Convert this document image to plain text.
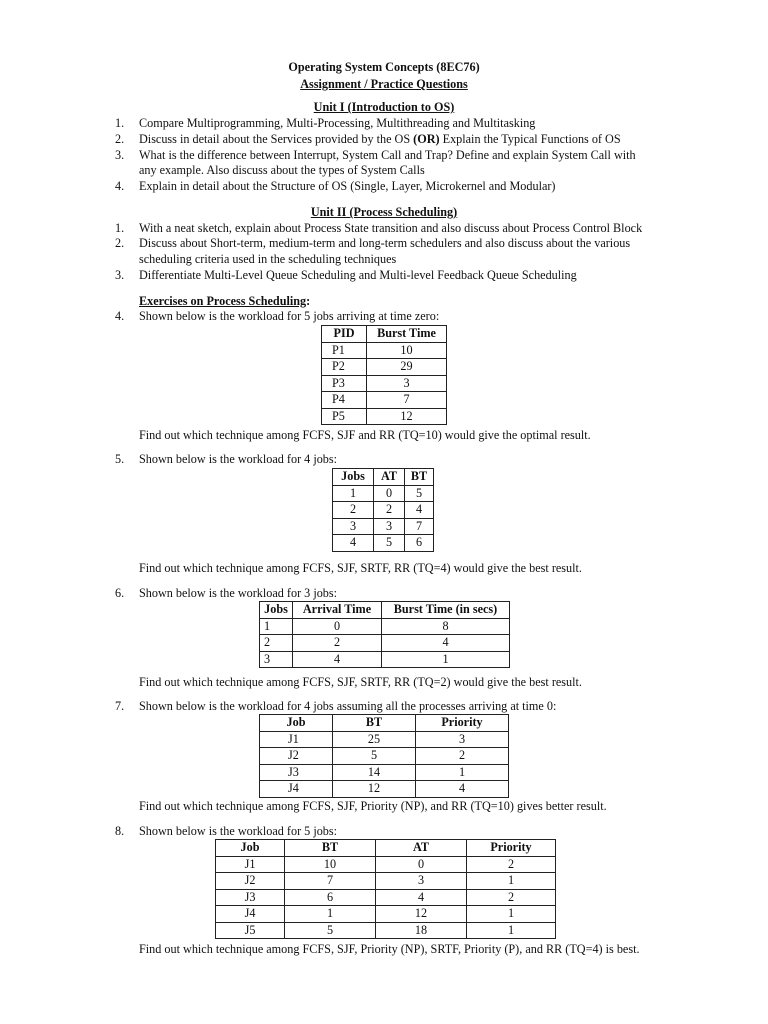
Operating System Concepts (8EC76)
Assignment / Practice Questions
Unit I (Introduction to OS)
1.	Compare Multiprogramming, Multi-Processing, Multithreading and Multitasking
2.	Discuss in detail about the Services provided by the OS (OR) Explain the Typical Functions of OS
3.	What is the difference between Interrupt, System Call and Trap? Define and explain System Call with
any example. Also discuss about the types of System Calls
4.	Explain in detail about the Structure of OS (Single, Layer, Microkernel and Modular)
Unit II (Process Scheduling)
1.	With a neat sketch, explain about Process State transition and also discuss about Process Control Block
2.	Discuss about Short-term, medium-term and long-term schedulers and also discuss about the various
scheduling criteria used in the scheduling techniques
3.	Differentiate Multi-Level Queue Scheduling and Multi-level Feedback Queue Scheduling
Exercises on Process Scheduling:
4.	Shown below is the workload for 5 jobs arriving at time zero:
PID	Burst Time
P1	10
P2	29
P3	3
P4	7
P5	12
Find out which technique among FCFS, SJF and RR (TQ=10) would give the optimal result.
5.	Shown below is the workload for 4 jobs:
Jobs	AT	BT
1	0	5
2	2	4
3	3	7
4	5	6
Find out which technique among FCFS, SJF, SRTF, RR (TQ=4) would give the best result.
6.	Shown below is the workload for 3 jobs:
Jobs	Arrival Time	Burst Time (in secs)
1	0	8
2	2	4
3	4	1
Find out which technique among FCFS, SJF, SRTF, RR (TQ=2) would give the best result.
7.	Shown below is the workload for 4 jobs assuming all the processes arriving at time 0:
Job	BT	Priority
J1	25	3
J2	5	2
J3	14	1
J4	12	4
Find out which technique among FCFS, SJF, Priority (NP), and RR (TQ=10) gives better result.
8.	Shown below is the workload for 5 jobs:
Job	BT	AT	Priority
J1	10	0	2
J2	7	3	1
J3	6	4	2
J4	1	12	1
J5	5	18	1
Find out which technique among FCFS, SJF, Priority (NP), SRTF, Priority (P), and RR (TQ=4) is best.
